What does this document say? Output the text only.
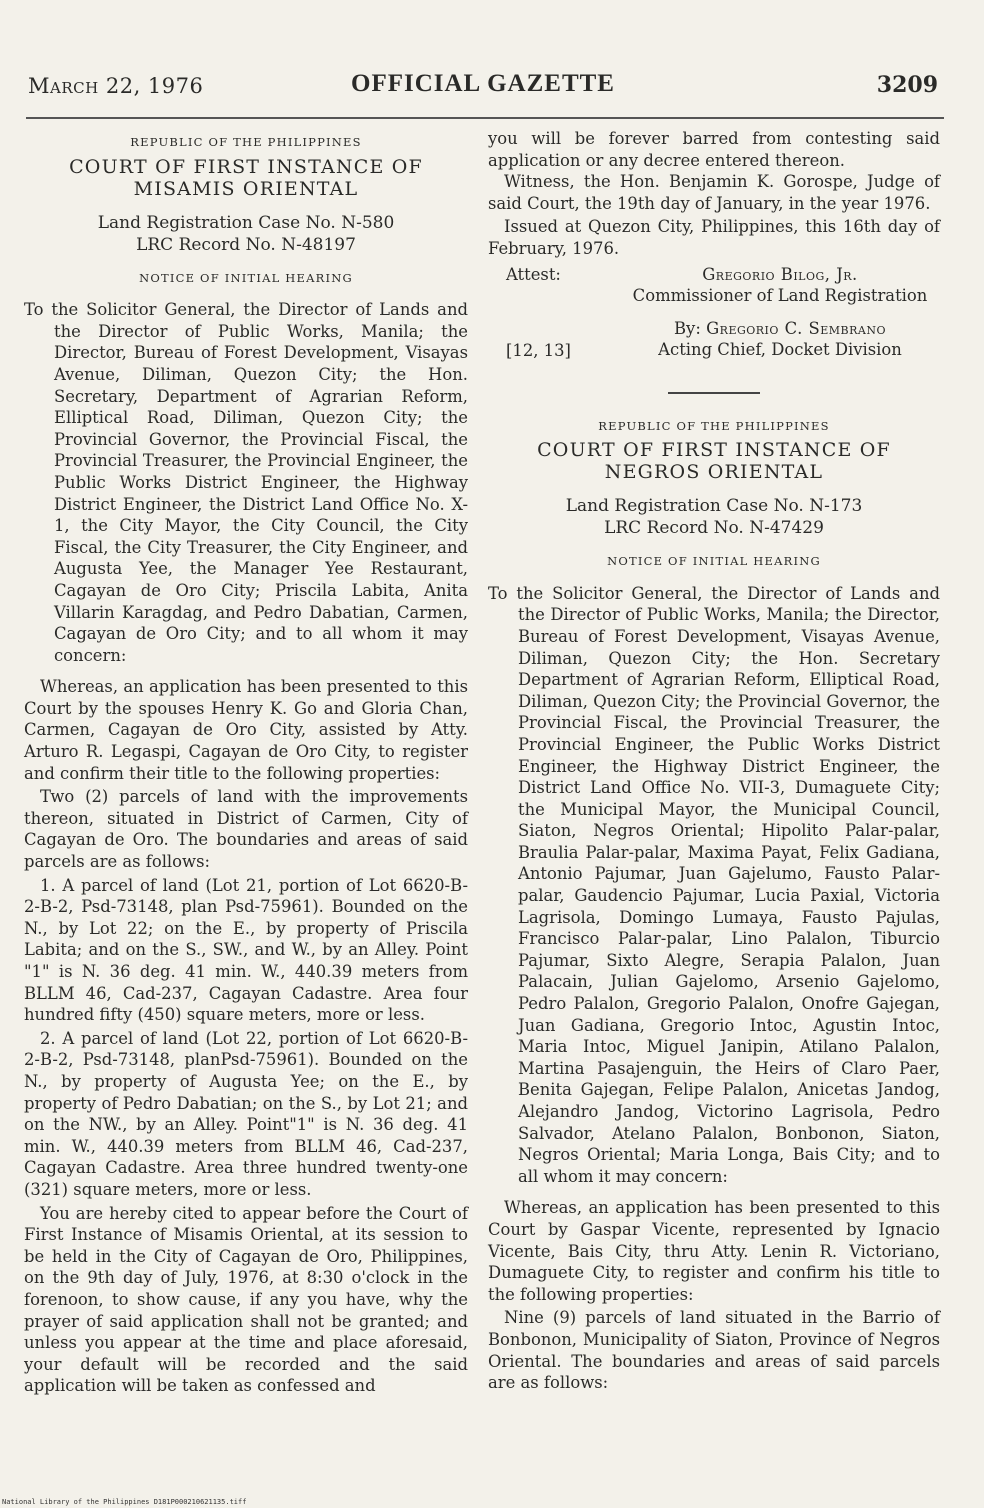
March 22, 1976	OFFICIAL GAZETTE	3209
REPUBLIC OF THE PHILIPPINES
COURT OF FIRST INSTANCE OF MISAMIS ORIENTAL
Land Registration Case No. N-580
LRC Record No. N-48197
NOTICE OF INITIAL HEARING

To the Solicitor General, the Director of Lands and the Director of Public Works, Manila; the Director, Bureau of Forest Development, Visayas Avenue, Diliman, Quezon City; the Hon. Secretary, Department of Agrarian Reform, Elliptical Road, Diliman, Quezon City; the Provincial Governor, the Provincial Fiscal, the Provincial Treasurer, the Provincial Engineer, the Public Works District Engineer, the Highway District Engineer, the District Land Office No. X-1, the City Mayor, the City Council, the City Fiscal, the City Treasurer, the City Engineer, and Augusta Yee, the Manager Yee Restaurant, Cagayan de Oro City; Priscila Labita, Anita Villarin Karagdag, and Pedro Dabatian, Carmen, Cagayan de Oro City; and to all whom it may concern:

Whereas, an application has been presented to this Court by the spouses Henry K. Go and Gloria Chan, Carmen, Cagayan de Oro City, assisted by Atty. Arturo R. Legaspi, Cagayan de Oro City, to register and confirm their title to the following properties:

Two (2) parcels of land with the improvements thereon, situated in District of Carmen, City of Cagayan de Oro. The boundaries and areas of said parcels are as follows:

1. A parcel of land (Lot 21, portion of Lot 6620-B-2-B-2, Psd-73148, plan Psd-75961). Bounded on the N., by Lot 22; on the E., by property of Priscila Labita; and on the S., SW., and W., by an Alley. Point "1" is N. 36 deg. 41 min. W., 440.39 meters from BLLM 46, Cad-237, Cagayan Cadastre. Area four hundred fifty (450) square meters, more or less.

2. A parcel of land (Lot 22, portion of Lot 6620-B-2-B-2, Psd-73148, planPsd-75961). Bounded on the N., by property of Augusta Yee; on the E., by property of Pedro Dabatian; on the S., by Lot 21; and on the NW., by an Alley. Point"1" is N. 36 deg. 41 min. W., 440.39 meters from BLLM 46, Cad-237, Cagayan Cadastre. Area three hundred twenty-one (321) square meters, more or less.

You are hereby cited to appear before the Court of First Instance of Misamis Oriental, at its session to be held in the City of Cagayan de Oro, Philippines, on the 9th day of July, 1976, at 8:30 o'clock in the forenoon, to show cause, if any you have, why the prayer of said application shall not be granted; and unless you appear at the time and place aforesaid, your default will be recorded and the said application will be taken as confessed and

you will be forever barred from contesting said application or any decree entered thereon.

Witness, the Hon. Benjamin K. Gorospe, Judge of said Court, the 19th day of January, in the year 1976.

Issued at Quezon City, Philippines, this 16th day of February, 1976.

Attest:	Gregorio Bilog, Jr.
Commissioner of Land Registration
By: Gregorio C. Sembrano
Acting Chief, Docket Division
[12, 13]
REPUBLIC OF THE PHILIPPINES
COURT OF FIRST INSTANCE OF NEGROS ORIENTAL
Land Registration Case No. N-173
LRC Record No. N-47429
NOTICE OF INITIAL HEARING

To the Solicitor General, the Director of Lands and the Director of Public Works, Manila; the Director, Bureau of Forest Development, Visayas Avenue, Diliman, Quezon City; the Hon. Secretary Department of Agrarian Reform, Elliptical Road, Diliman, Quezon City; the Provincial Governor, the Provincial Fiscal, the Provincial Treasurer, the Provincial Engineer, the Public Works District Engineer, the Highway District Engineer, the District Land Office No. VII-3, Dumaguete City; the Municipal Mayor, the Municipal Council, Siaton, Negros Oriental; Hipolito Palar-palar, Braulia Palar-palar, Maxima Payat, Felix Gadiana, Antonio Pajumar, Juan Gajelumo, Fausto Palar-palar, Gaudencio Pajumar, Lucia Paxial, Victoria Lagrisola, Domingo Lumaya, Fausto Pajulas, Francisco Palar-palar, Lino Palalon, Tiburcio Pajumar, Sixto Alegre, Serapia Palalon, Juan Palacain, Julian Gajelomo, Arsenio Gajelomo, Pedro Palalon, Gregorio Palalon, Onofre Gajegan, Juan Gadiana, Gregorio Intoc, Agustin Intoc, Maria Intoc, Miguel Janipin, Atilano Palalon, Martina Pasajenguin, the Heirs of Claro Paer, Benita Gajegan, Felipe Palalon, Anicetas Jandog, Alejandro Jandog, Victorino Lagrisola, Pedro Salvador, Atelano Palalon, Bonbonon, Siaton, Negros Oriental; Maria Longa, Bais City; and to all whom it may concern:

Whereas, an application has been presented to this Court by Gaspar Vicente, represented by Ignacio Vicente, Bais City, thru Atty. Lenin R. Victoriano, Dumaguete City, to register and confirm his title to the following properties:

Nine (9) parcels of land situated in the Barrio of Bonbonon, Municipality of Siaton, Province of Negros Oriental. The boundaries and areas of said parcels are as follows:

National Library of the Philippines D181P000210621135.tiff
